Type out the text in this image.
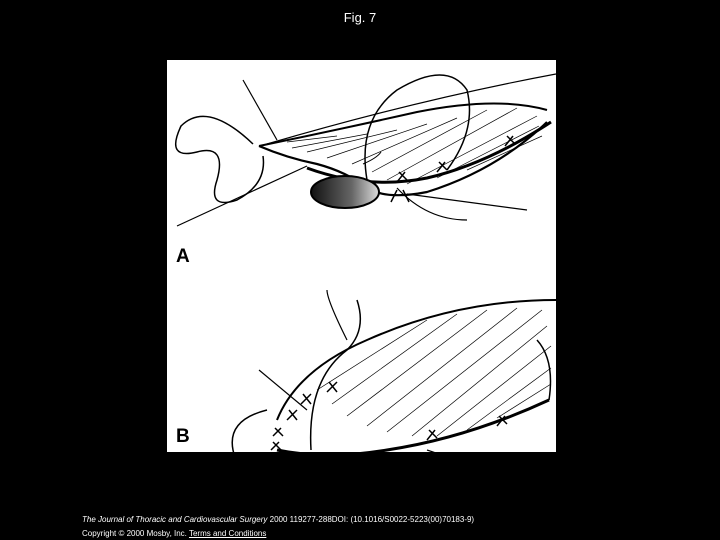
Fig. 7
A
B
The Journal of Thoracic and Cardiovascular Surgery 2000 119277-288DOI: (10.1016/S0022-5223(00)70183-9)
Copyright © 2000 Mosby, Inc. Terms and Conditions
